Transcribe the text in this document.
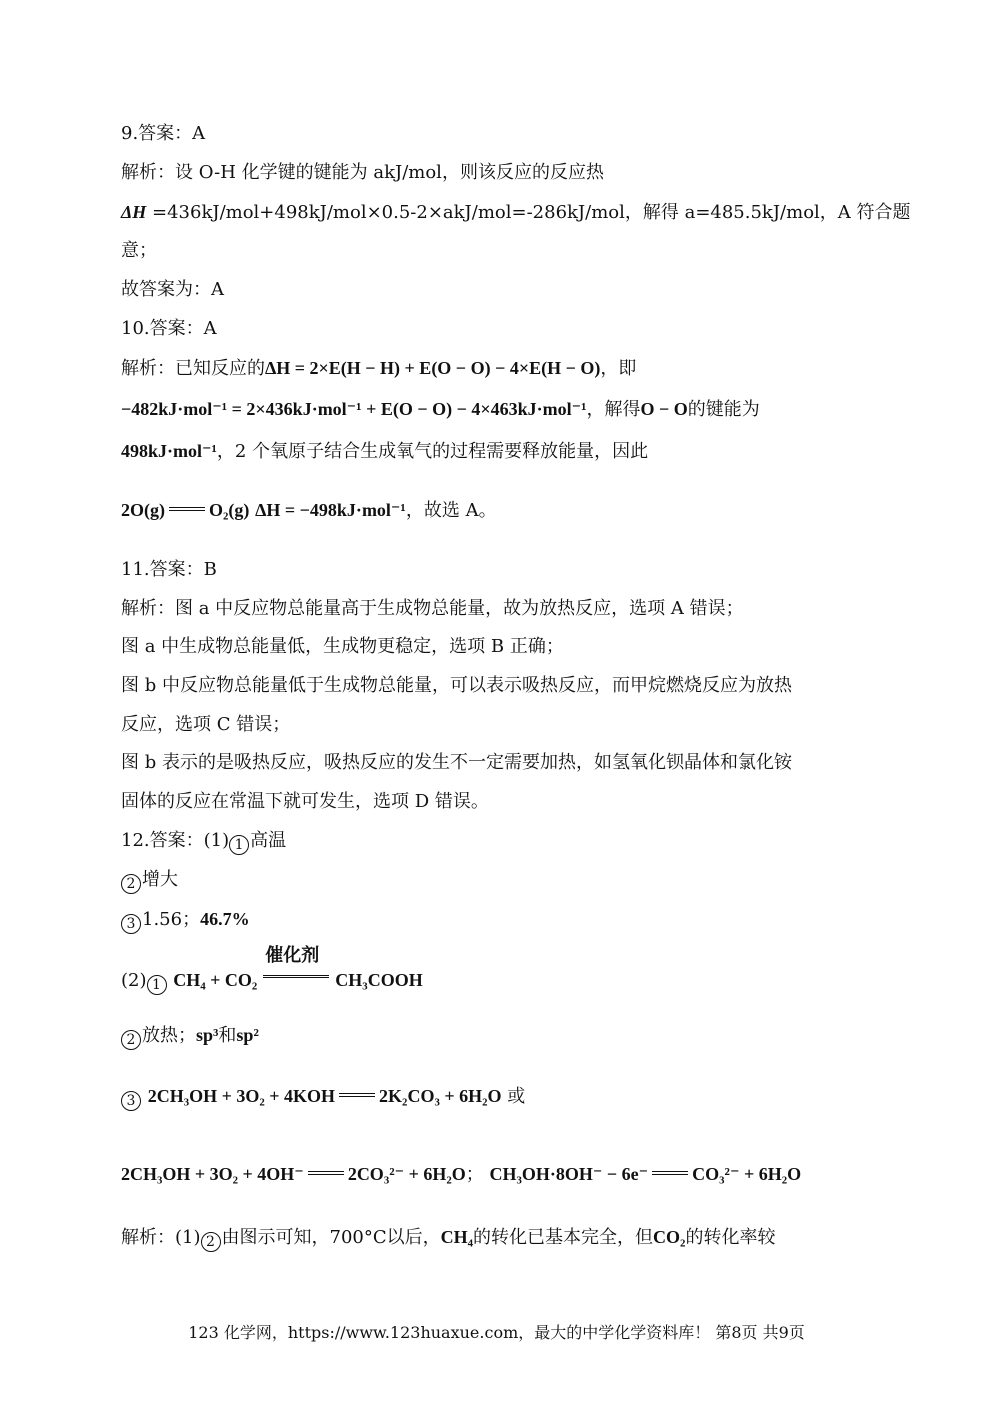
9.答案：A
解析：设 O-H 化学键的键能为 akJ/mol，则该反应的反应热
ΔH =436kJ/mol+498kJ/mol×0.5-2×akJ/mol=-286kJ/mol，解得 a=485.5kJ/mol，A 符合题
意；
故答案为：A
10.答案：A
解析：已知反应的ΔH = 2×E(H − H) + E(O − O) − 4×E(H − O)，即
−482kJ·mol⁻¹ = 2×436kJ·mol⁻¹ + E(O − O) − 4×463kJ·mol⁻¹，解得O − O的键能为
498kJ·mol⁻¹，2 个氧原子结合生成氧气的过程需要释放能量，因此
2O(g) O₂(g) ΔH = −498kJ·mol⁻¹，故选 A。
11.答案：B
解析：图 a 中反应物总能量高于生成物总能量，故为放热反应，选项 A 错误；
图 a 中生成物总能量低，生成物更稳定，选项 B 正确；
图 b 中反应物总能量低于生成物总能量，可以表示吸热反应，而甲烷燃烧反应为放热
反应，选项 C 错误；
图 b 表示的是吸热反应，吸热反应的发生不一定需要加热，如氢氧化钡晶体和氯化铵
固体的反应在常温下就可发生，选项 D 错误。
12.答案：(1) 1 高温
2 增大
3 1.56；46.7%
(2) 1 CH₄ + CO₂
催化剂
CH₃COOH
2 放热；sp³和sp²
3 2CH₃OH + 3O₂ + 4KOH 2K₂CO₃ + 6H₂O 或
2CH₃OH + 3O₂ + 4OH⁻ 2CO₃²⁻ + 6H₂O； CH₃OH·8OH⁻ − 6e⁻ CO₃²⁻ + 6H₂O
解析：(1) 2 由图示可知，700°C以后，CH₄的转化已基本完全，但CO₂的转化率较
123 化学网，https://www.123huaxue.com，最大的中学化学资料库！ 第8页 共9页
